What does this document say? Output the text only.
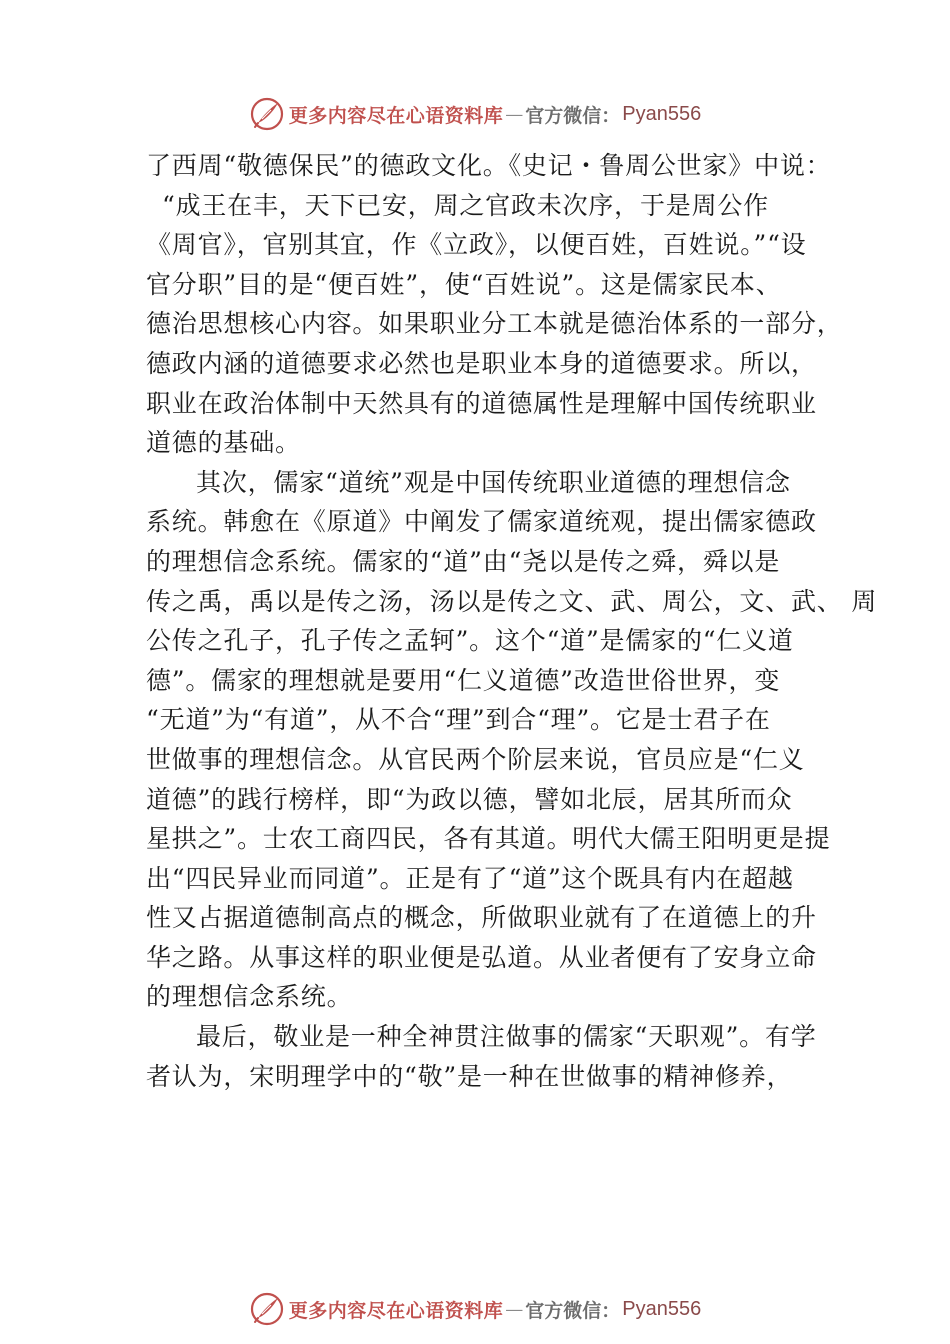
更多内容尽在心语资料库 — 官方微信： Pyan556
了西周“敬德保民”的德政文化。《史记・鲁周公世家》中说：
“成王在丰，天下已安，周之官政未次序，于是周公作
《周官》，官别其宜，作《立政》，以便百姓，百姓说。”“设
官分职”目的是“便百姓”，使“百姓说”。这是儒家民本、
德治思想核心内容。如果职业分工本就是德治体系的一部分，
德政内涵的道德要求必然也是职业本身的道德要求。所以，
职业在政治体制中天然具有的道德属性是理解中国传统职业
道德的基础。
其次，儒家“道统”观是中国传统职业道德的理想信念
系统。韩愈在《原道》中阐发了儒家道统观，提出儒家德政
的理想信念系统。儒家的“道”由“尧以是传之舜，舜以是
传之禹，禹以是传之汤，汤以是传之文、武、周公，文、武、 周
公传之孔子，孔子传之孟轲”。这个“道”是儒家的“仁义道
德”。儒家的理想就是要用“仁义道德”改造世俗世界，变
“无道”为“有道”，从不合“理”到合“理”。它是士君子在
世做事的理想信念。从官民两个阶层来说，官员应是“仁义
道德”的践行榜样，即“为政以德，譬如北辰，居其所而众
星拱之”。士农工商四民，各有其道。明代大儒王阳明更是提
出“四民异业而同道”。正是有了“道”这个既具有内在超越
性又占据道德制高点的概念，所做职业就有了在道德上的升
华之路。从事这样的职业便是弘道。从业者便有了安身立命
的理想信念系统。
最后，敬业是一种全神贯注做事的儒家“天职观”。有学
者认为，宋明理学中的“敬”是一种在世做事的精神修养，
更多内容尽在心语资料库 — 官方微信： Pyan556
